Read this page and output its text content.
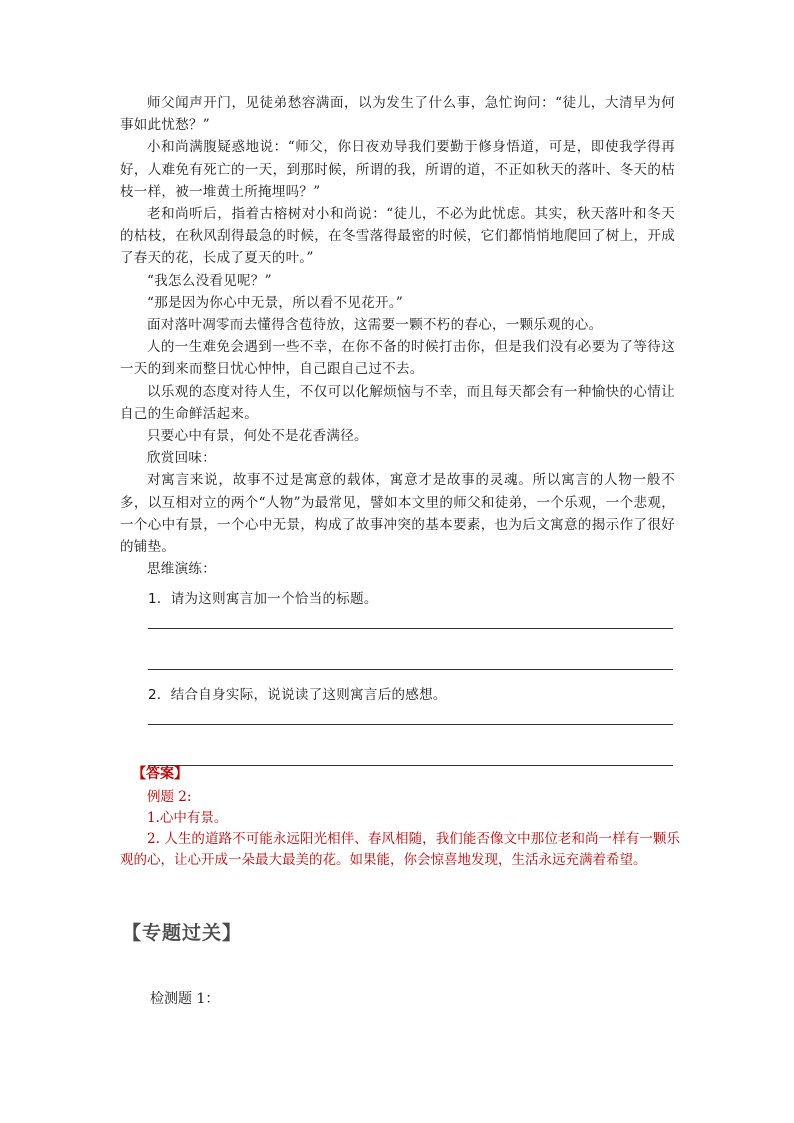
师父闻声开门，见徒弟愁容满面，以为发生了什么事，急忙询问：“徒儿，大清早为何事如此忧愁？”

小和尚满腹疑惑地说：“师父，你日夜劝导我们要勤于修身悟道，可是，即使我学得再好，人难免有死亡的一天，到那时候，所谓的我，所谓的道，不正如秋天的落叶、冬天的枯枝一样，被一堆黄土所掩埋吗？”

老和尚听后，指着古榕树对小和尚说：“徒儿，不必为此忧虑。其实，秋天落叶和冬天的枯枝，在秋风刮得最急的时候，在冬雪落得最密的时候，它们都悄悄地爬回了树上，开成了春天的花，长成了夏天的叶。”

“我怎么没看见呢？”

“那是因为你心中无景，所以看不见花开。”

面对落叶凋零而去懂得含苞待放，这需要一颗不朽的春心，一颗乐观的心。

人的一生难免会遇到一些不幸，在你不备的时候打击你，但是我们没有必要为了等待这一天的到来而整日忧心忡忡，自己跟自己过不去。

以乐观的态度对待人生，不仅可以化解烦恼与不幸，而且每天都会有一种愉快的心情让自己的生命鲜活起来。

只要心中有景，何处不是花香满径。

欣赏回味：

对寓言来说，故事不过是寓意的载体，寓意才是故事的灵魂。所以寓言的人物一般不多，以互相对立的两个“人物”为最常见，譬如本文里的师父和徒弟，一个乐观，一个悲观，一个心中有景，一个心中无景，构成了故事冲突的基本要素，也为后文寓意的揭示作了很好的铺垫。

思维演练：

1．请为这则寓言加一个恰当的标题。

2．结合自身实际，说说读了这则寓言后的感想。

【答案】

例题 2:

1.心中有景。

2. 人生的道路不可能永远阳光相伴、春风相随，我们能否像文中那位老和尚一样有一颗乐观的心，让心开成一朵最大最美的花。如果能，你会惊喜地发现，生活永远充满着希望。

【专题过关】
检测题 1：
